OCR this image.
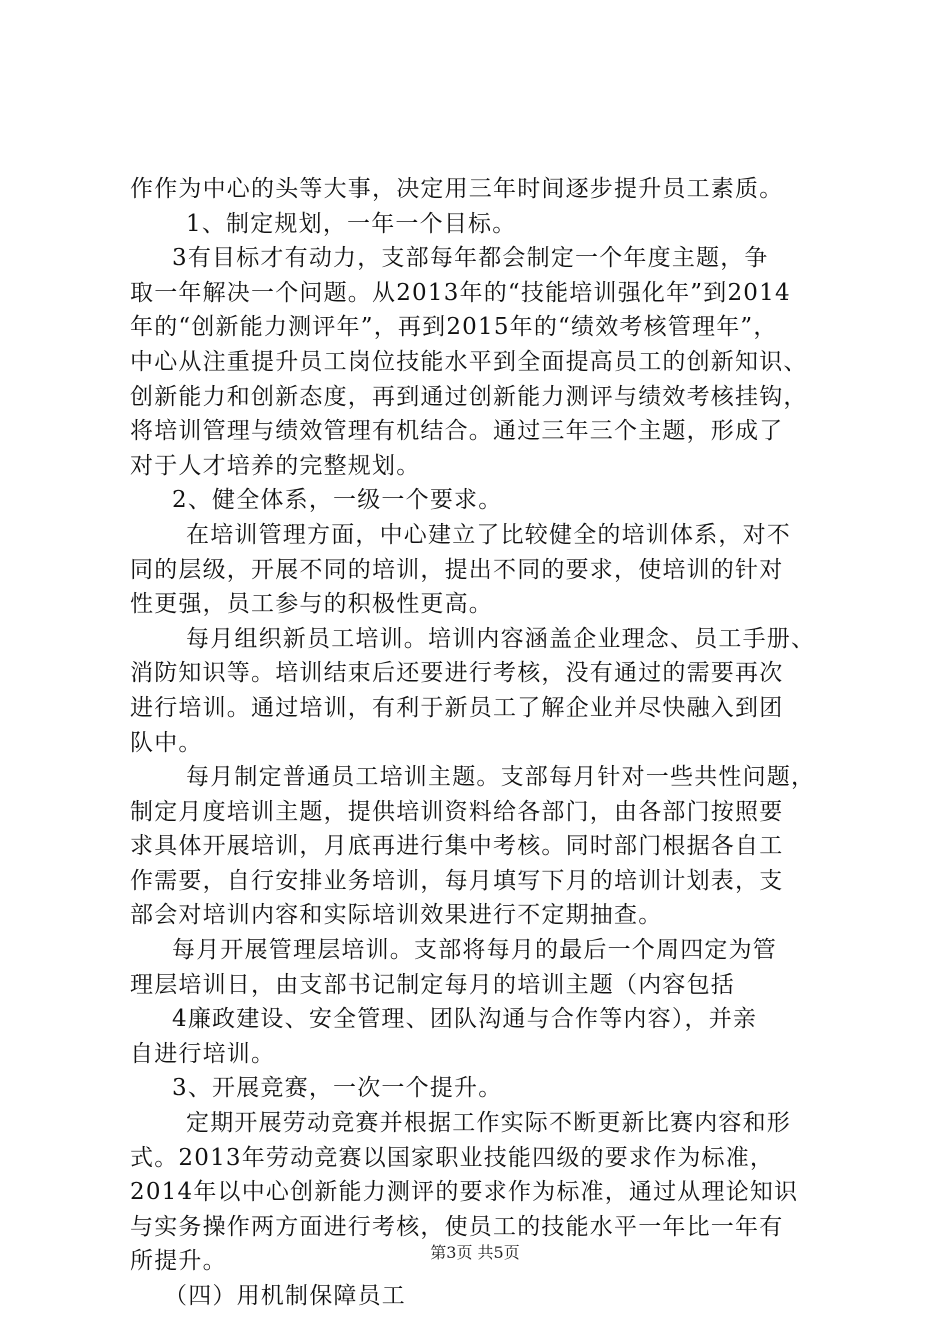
作作为中心的头等大事，决定用三年时间逐步提升员工素质。
1、制定规划，一年一个目标。
3有目标才有动力，支部每年都会制定一个年度主题，争
取一年解决一个问题。从2013年的“技能培训强化年”到2014
年的“创新能力测评年”，再到2015年的“绩效考核管理年”，
中心从注重提升员工岗位技能水平到全面提高员工的创新知识、
创新能力和创新态度，再到通过创新能力测评与绩效考核挂钩，
将培训管理与绩效管理有机结合。通过三年三个主题，形成了
对于人才培养的完整规划。
2、健全体系，一级一个要求。
在培训管理方面，中心建立了比较健全的培训体系，对不
同的层级，开展不同的培训，提出不同的要求，使培训的针对
性更强，员工参与的积极性更高。
每月组织新员工培训。培训内容涵盖企业理念、员工手册、
消防知识等。培训结束后还要进行考核，没有通过的需要再次
进行培训。通过培训，有利于新员工了解企业并尽快融入到团
队中。
每月制定普通员工培训主题。支部每月针对一些共性问题，
制定月度培训主题，提供培训资料给各部门，由各部门按照要
求具体开展培训，月底再进行集中考核。同时部门根据各自工
作需要，自行安排业务培训，每月填写下月的培训计划表，支
部会对培训内容和实际培训效果进行不定期抽查。
每月开展管理层培训。支部将每月的最后一个周四定为管
理层培训日，由支部书记制定每月的培训主题（内容包括
4廉政建设、安全管理、团队沟通与合作等内容），并亲
自进行培训。
3、开展竞赛，一次一个提升。
定期开展劳动竞赛并根据工作实际不断更新比赛内容和形
式。2013年劳动竞赛以国家职业技能四级的要求作为标准，
2014年以中心创新能力测评的要求作为标准，通过从理论知识
与实务操作两方面进行考核，使员工的技能水平一年比一年有
所提升。
（四）用机制保障员工
第3页 共5页
